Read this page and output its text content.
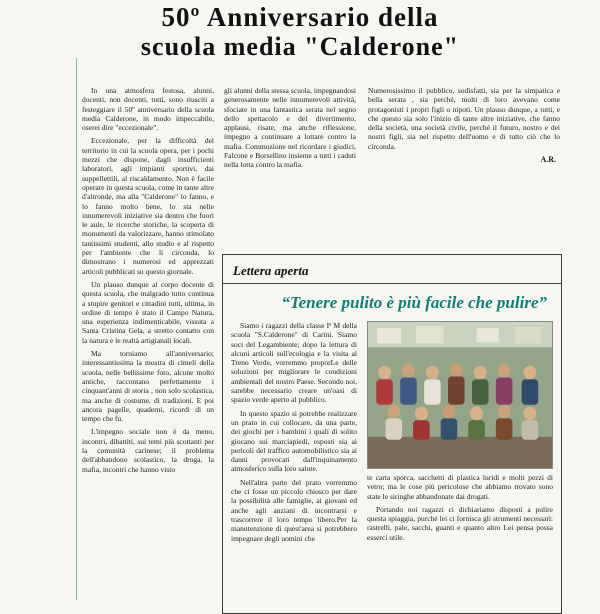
50º Anniversario della
scuola media "Calderone"

In una atmosfera festosa, alunni, docenti, non docenti, tutti, sono riusciti a festeggiare il 50º anniversario della scuola media Calderone, in modo impeccabile, oserei dire "eccezionale".

Eccezionale, per la difficoltà del territorio in cui la scuola opera, per i pochi mezzi che dispone, dagli insufficienti laboratori, agli impianti sportivi, dai suppellettili, al riscaldamento. Non è facile operare in questa scuola, come in tante altre d'altronde, ma alla "Calderone" lo fanno, e lo fanno molto bene, lo sta nelle innumerevoli iniziative sia dentro che fuori le aule, le ricerche storiche, la scoperta di monumenti da valorizzare, hanno stimolato tantissimi studenti, allo studio e al rispetto per l'ambiente che li circonda, lo dimostrano i numerosi ed apprezzati articoli pubblicati su questo giornale.

Un plauso dunque al corpo docente di questa scuola, che malgrado tutto continua a stupire genitori e cittadini tutti, ultima, in ordine di tempo è stato il Campo Natura, una esperienza indimenticabile, vissuta a Santa Cristina Gela, a stretto contatto con la natura e le realtà artigianali locali.

Ma torniamo all'anniversario; interessantissima la mostra di cimeli della scuola, nelle bellissime foto, alcune molto antiche, raccontano perfettamente i cinquant'anni di storia , non solo scolastica, ma anche di costume, di tradizioni. E poi ancora pagelle, quaderni, ricordi di un tempo che fu.

L'impegno sociale non è da meno, incontri, dibattiti, sui temi più scottanti per la comunità carinese; il problema dell'abbandono scolastico, la droga, la mafia, incontri che hanno visto

gli alunni della stessa scuola, impegnandosi generosamente nelle innumerevoli attività, sfociate in una fantastica serata nel segno dello spettacolo e del divertimento, applausi, risate, ma anche riflessione, impegno a continuare a lottare contro la mafia. Commozione nel ricordare i giudici, Falcone e Borsellino insieme a tutti i caduti nella lotta contro la mafia.

Numerosissimo il pubblico, sodisfatti, sia per la simpatica e bella serata , sia perché, molti di loro avevano come protagonisti i propri figli o nipoti. Un plauso dunque, a tutti, e che questo sia solo l'inizio di tante altre iniziative, che fanno della società, una società civile, perché il futuro, nostro e dei nostri figli, sia nel rispetto dell'uomo e di tutto ciò che lo circonda.

A.R.
Lettera aperta
“Tenere pulito è più facile che pulire”

Siamo i ragazzi della classe Iª M della scuola "S.Calderone" di Carini. Siamo soci del Legambiente; dopo la lettura di alcuni articoli sull'ecologia e la visita al Treno Verde, vorremmo proporLe delle soluzioni per migliorare le condizioni ambientali del nostro Paese. Secondo noi, sarebbe necessario creare un'oasi di spazio verde aperto al pubblico.

In questo spazio si potrebbe realizzare un prato in cui collocare, da una parte, dei giochi per i bambini i quali di solito giocano sui marciapiedi, esposti sia ai pericoli del traffico automobilistico sia ai danni provocati dall'inquinamento atmosferico sulla loro salute.

Nell'altra parte del prato vorremmo che ci fosse un piccolo chiosco per dare la possibilità alle famiglie, ai giovani ed anche agli anziani di incontrarsi e trascorrere il loro tempo libero.Per la manutenzione di quest'area si potrebbero impegnare degli uomini che

te carta sporca, sacchetti di plastica luridi e molti pezzi di vetro; ma le cose più pericolose che abbiamo trovato sono state le siringhe abbandonate dai drogati.

Portando noi ragazzi ci dichiariamo disposti a pulire questa spiaggia, purché lei ci fornisca gli strumenti necessari: rastrelli, pale, sacchi, guanti e quanto altro Lei pensa possa esserci utile.
